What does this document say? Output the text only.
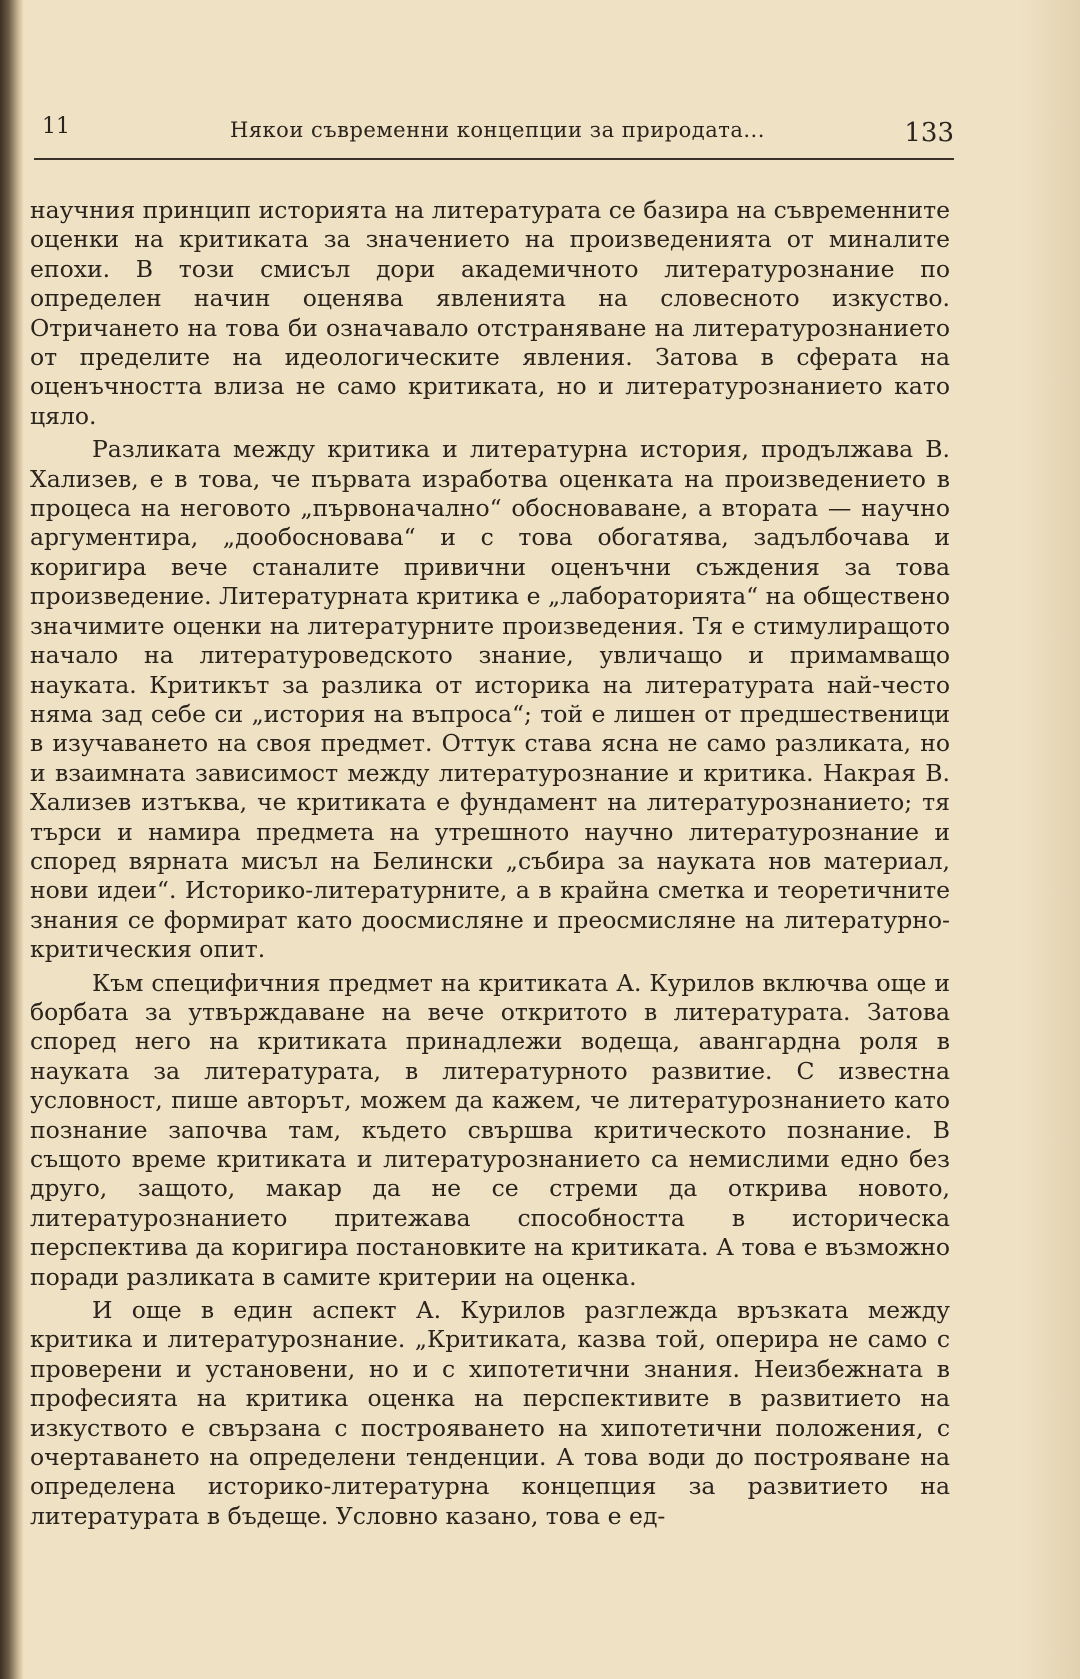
11	Някои съвременни концепции за природата...	133

научния принцип историята на литературата се базира на съвременните оценки на критиката за значението на произведенията от миналите епохи. В този смисъл дори академичното литературознание по определен начин оценява явленията на словесното изкуство. Отричането на това би означавало отстраняване на литературознанието от пределите на идеологическите явления. Затова в сферата на оценъчността влиза не само критиката, но и литературознанието като цяло.

Разликата между критика и литературна история, продължава В. Хализев, е в това, че първата изработва оценката на произведението в процеса на неговото „първоначално“ обосноваване, а втората — научно аргументира, „дообосновава“ и с това обогатява, задълбочава и коригира вече станалите привични оценъчни съждения за това произведение. Литературната критика е „лабораторията“ на обществено значимите оценки на литературните произведения. Тя е стимулиращото начало на литературоведското знание, увличащо и примамващо науката. Критикът за разлика от историка на литературата най-често няма зад себе си „история на въпроса“; той е лишен от предшественици в изучаването на своя предмет. Оттук става ясна не само разликата, но и взаимната зависимост между литературознание и критика. Накрая В. Хализев изтъква, че критиката е фундамент на литературознанието; тя търси и намира предмета на утрешното научно литературознание и според вярната мисъл на Белински „събира за науката нов материал, нови идеи“. Историко-литературните, а в крайна сметка и теоретичните знания се формират като доосмисляне и преосмисляне на литературно-критическия опит.

Към специфичния предмет на критиката А. Курилов включва още и борбата за утвърждаване на вече откритото в литературата. Затова според него на критиката принадлежи водеща, авангардна роля в науката за литературата, в литературното развитие. С известна условност, пише авторът, можем да кажем, че литературознанието като познание започва там, където свършва критическото познание. В същото време критиката и литературознанието са немислими едно без друго, защото, макар да не се стреми да открива новото, литературознанието притежава способността в историческа перспектива да коригира постановките на критиката. А това е възможно поради разликата в самите критерии на оценка.

И още в един аспект А. Курилов разглежда връзката между критика и литературознание. „Критиката, казва той, оперира не само с проверени и установени, но и с хипотетични знания. Неизбежната в професията на критика оценка на перспективите в развитието на изкуството е свързана с построяването на хипотетични положения, с очертаването на определени тенденции. А това води до построяване на определена историко-литературна концепция за развитието на литературата в бъдеще. Условно казано, това е ед-
